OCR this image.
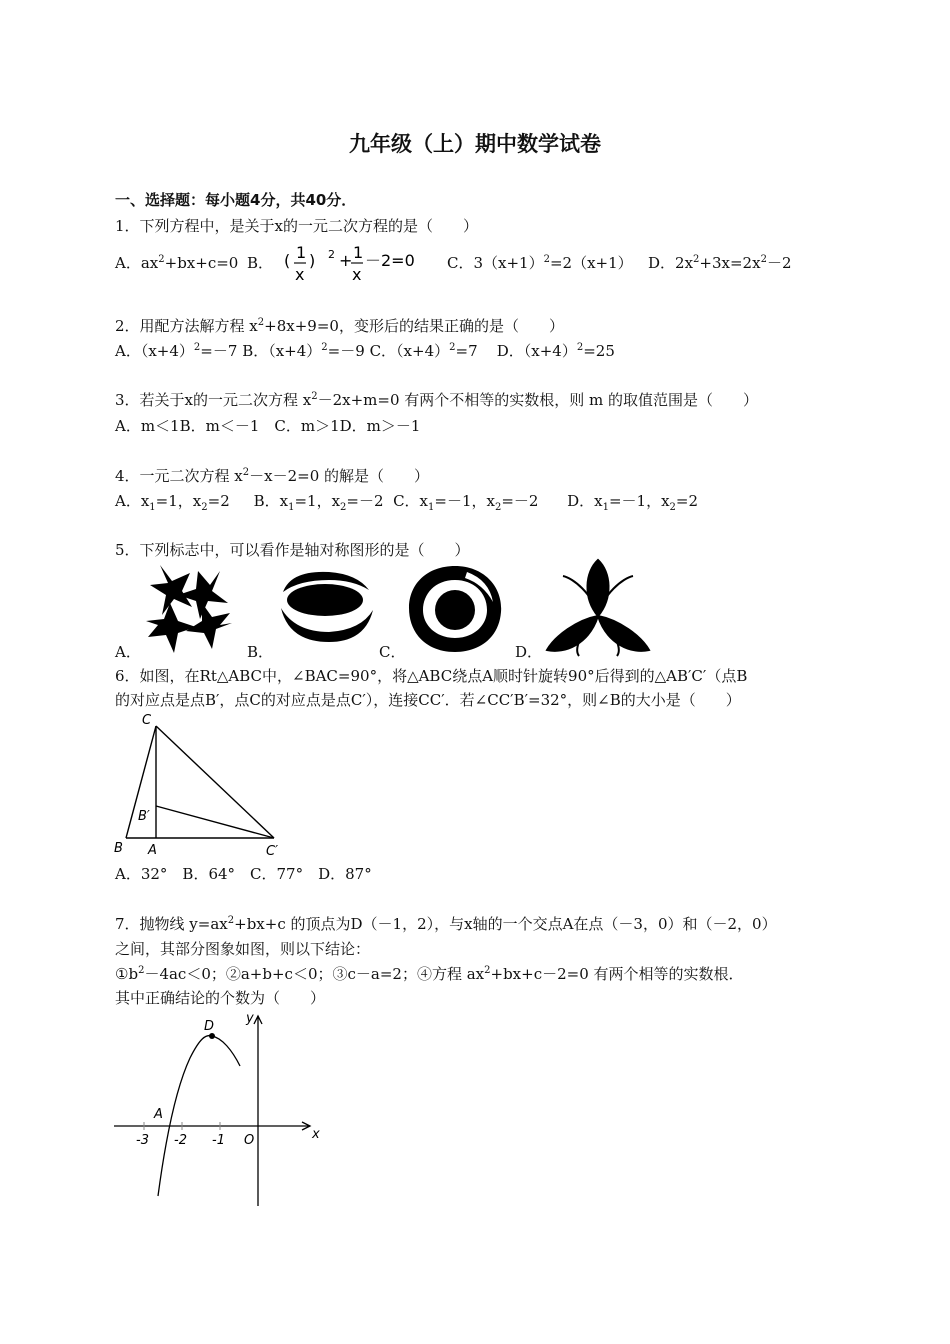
九年级（上）期中数学试卷
一、选择题：每小题4分，共40分．
1．下列方程中，是关于x的一元二次方程的是（　　）
A．$ax^2+bx+c=0$ B． ( 1
x
) 2 + 1
x
－2=0 C．$3(x+1)^2=2(x+1)$ D．$2x^2+3x=2x^2-2$
2．用配方法解方程 $x^2+8x+9=0$，变形后的结果正确的是（　　）
A．$(x+4)^2=-7$ B．$(x+4)^2=-9$ C．$(x+4)^2=7$ D．$(x+4)^2=25$
3．若关于x的一元二次方程 $x^2-2x+m=0$ 有两个不相等的实数根，则 m 的取值范围是（　　）
A．m＜1B．m＜－1　C．m＞1D．m＞－1
4．一元二次方程 $x^2-x-2=0$ 的解是（　　）
A．$x_1=1$，$x_2=2$ B．$x_1=1$，$x_2=-2$ C．$x_1=-1$，$x_2=-2$ D．$x_1=-1$，$x_2=2$
5．下列标志中，可以看作是轴对称图形的是（　　）
A．	B．	C．	D．
6．如图，在Rt△ABC中，∠BAC=90°，将△ABC绕点A顺时针旋转90°后得到的△AB′C′（点B
的对应点是点B′，点C的对应点是点C′），连接CC′．若∠CC′B′=32°，则∠B的大小是（　　）
C
B′
B A	C′
A．32°　B．64°　C．77°　D．87°
7．抛物线 $y=ax^2+bx+c$ 的顶点为D（－1，2），与x轴的一个交点A在点（－3，0）和（－2，0）
之间，其部分图象如图，则以下结论：
$①b^2-4ac<0$；②a+b+c＜0；③c－a=2；④方程 $ax^2+bx+c-2=0$ 有两个相等的实数根．
其中正确结论的个数为（　　）
D
y
A
-3 -2 -1 O	x
